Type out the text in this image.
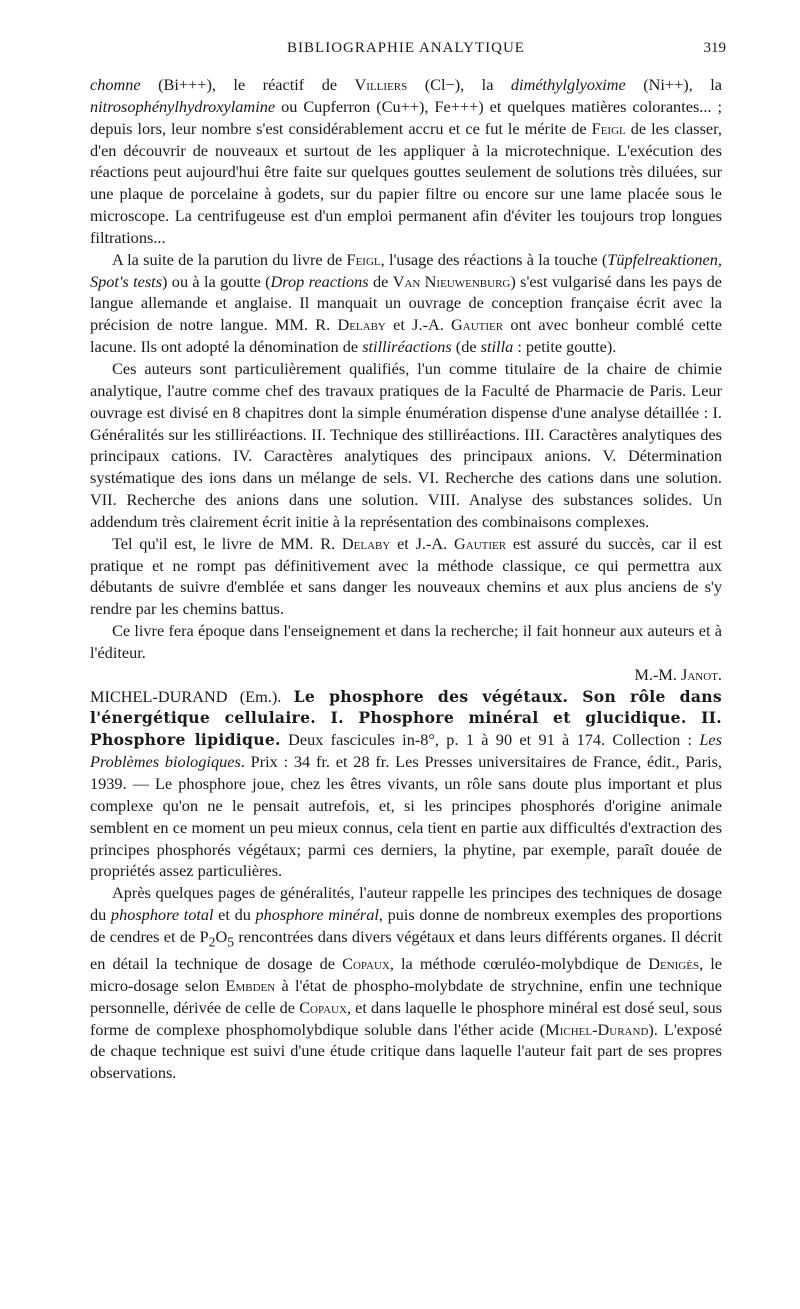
BIBLIOGRAPHIE ANALYTIQUE	319

chomne (Bi+++), le réactif de Villiers (Cl−), la diméthylglyoxime (Ni++), la nitrosophénylhydroxylamine ou Cupferron (Cu++), Fe+++) et quelques matières colorantes... ; depuis lors, leur nombre s'est considérablement accru et ce fut le mérite de Feigl de les classer, d'en découvrir de nouveaux et surtout de les appliquer à la microtechnique. L'exécution des réactions peut aujourd'hui être faite sur quelques gouttes seulement de solutions très diluées, sur une plaque de porcelaine à godets, sur du papier filtre ou encore sur une lame placée sous le microscope. La centrifugeuse est d'un emploi permanent afin d'éviter les toujours trop longues filtrations...

A la suite de la parution du livre de Feigl, l'usage des réactions à la touche (Tüpfelreaktionen, Spot's tests) ou à la goutte (Drop reactions de Van Nieuwenburg) s'est vulgarisé dans les pays de langue allemande et anglaise. Il manquait un ouvrage de conception française écrit avec la précision de notre langue. MM. R. Delaby et J.-A. Gautier ont avec bonheur comblé cette lacune. Ils ont adopté la dénomination de stilliréactions (de stilla : petite goutte).

Ces auteurs sont particulièrement qualifiés, l'un comme titulaire de la chaire de chimie analytique, l'autre comme chef des travaux pratiques de la Faculté de Pharmacie de Paris. Leur ouvrage est divisé en 8 chapitres dont la simple énumération dispense d'une analyse détaillée : I. Généralités sur les stilliréactions. II. Technique des stilliréactions. III. Caractères analytiques des principaux cations. IV. Caractères analytiques des principaux anions. V. Détermination systématique des ions dans un mélange de sels. VI. Recherche des cations dans une solution. VII. Recherche des anions dans une solution. VIII. Analyse des substances solides. Un addendum très clairement écrit initie à la représentation des combinaisons complexes.

Tel qu'il est, le livre de MM. R. Delaby et J.-A. Gautier est assuré du succès, car il est pratique et ne rompt pas définitivement avec la méthode classique, ce qui permettra aux débutants de suivre d'emblée et sans danger les nouveaux chemins et aux plus anciens de s'y rendre par les chemins battus.

Ce livre fera époque dans l'enseignement et dans la recherche; il fait honneur aux auteurs et à l'éditeur.
M.-M. Janot.

MICHEL-DURAND (Em.). Le phosphore des végétaux. Son rôle dans l'énergétique cellulaire. I. Phosphore minéral et glucidique. II. Phosphore lipidique. Deux fascicules in-8°, p. 1 à 90 et 91 à 174. Collection : Les Problèmes biologiques. Prix : 34 fr. et 28 fr. Les Presses universitaires de France, édit., Paris, 1939. — Le phosphore joue, chez les êtres vivants, un rôle sans doute plus important et plus complexe qu'on ne le pensait autrefois, et, si les principes phosphorés d'origine animale semblent en ce moment un peu mieux connus, cela tient en partie aux difficultés d'extraction des principes phosphorés végétaux; parmi ces derniers, la phytine, par exemple, paraît douée de propriétés assez particulières.

Après quelques pages de généralités, l'auteur rappelle les principes des techniques de dosage du phosphore total et du phosphore minéral, puis donne de nombreux exemples des proportions de cendres et de $P_2O_5$ rencontrées dans divers végétaux et dans leurs différents organes. Il décrit en détail la technique de dosage de Copaux, la méthode cœruléo-molybdique de Denigès, le micro-dosage selon Embden à l'état de phospho-molybdate de strychnine, enfin une technique personnelle, dérivée de celle de Copaux, et dans laquelle le phosphore minéral est dosé seul, sous forme de complexe phosphomolybdique soluble dans l'éther acide (Michel-Durand). L'exposé de chaque technique est suivi d'une étude critique dans laquelle l'auteur fait part de ses propres observations.
